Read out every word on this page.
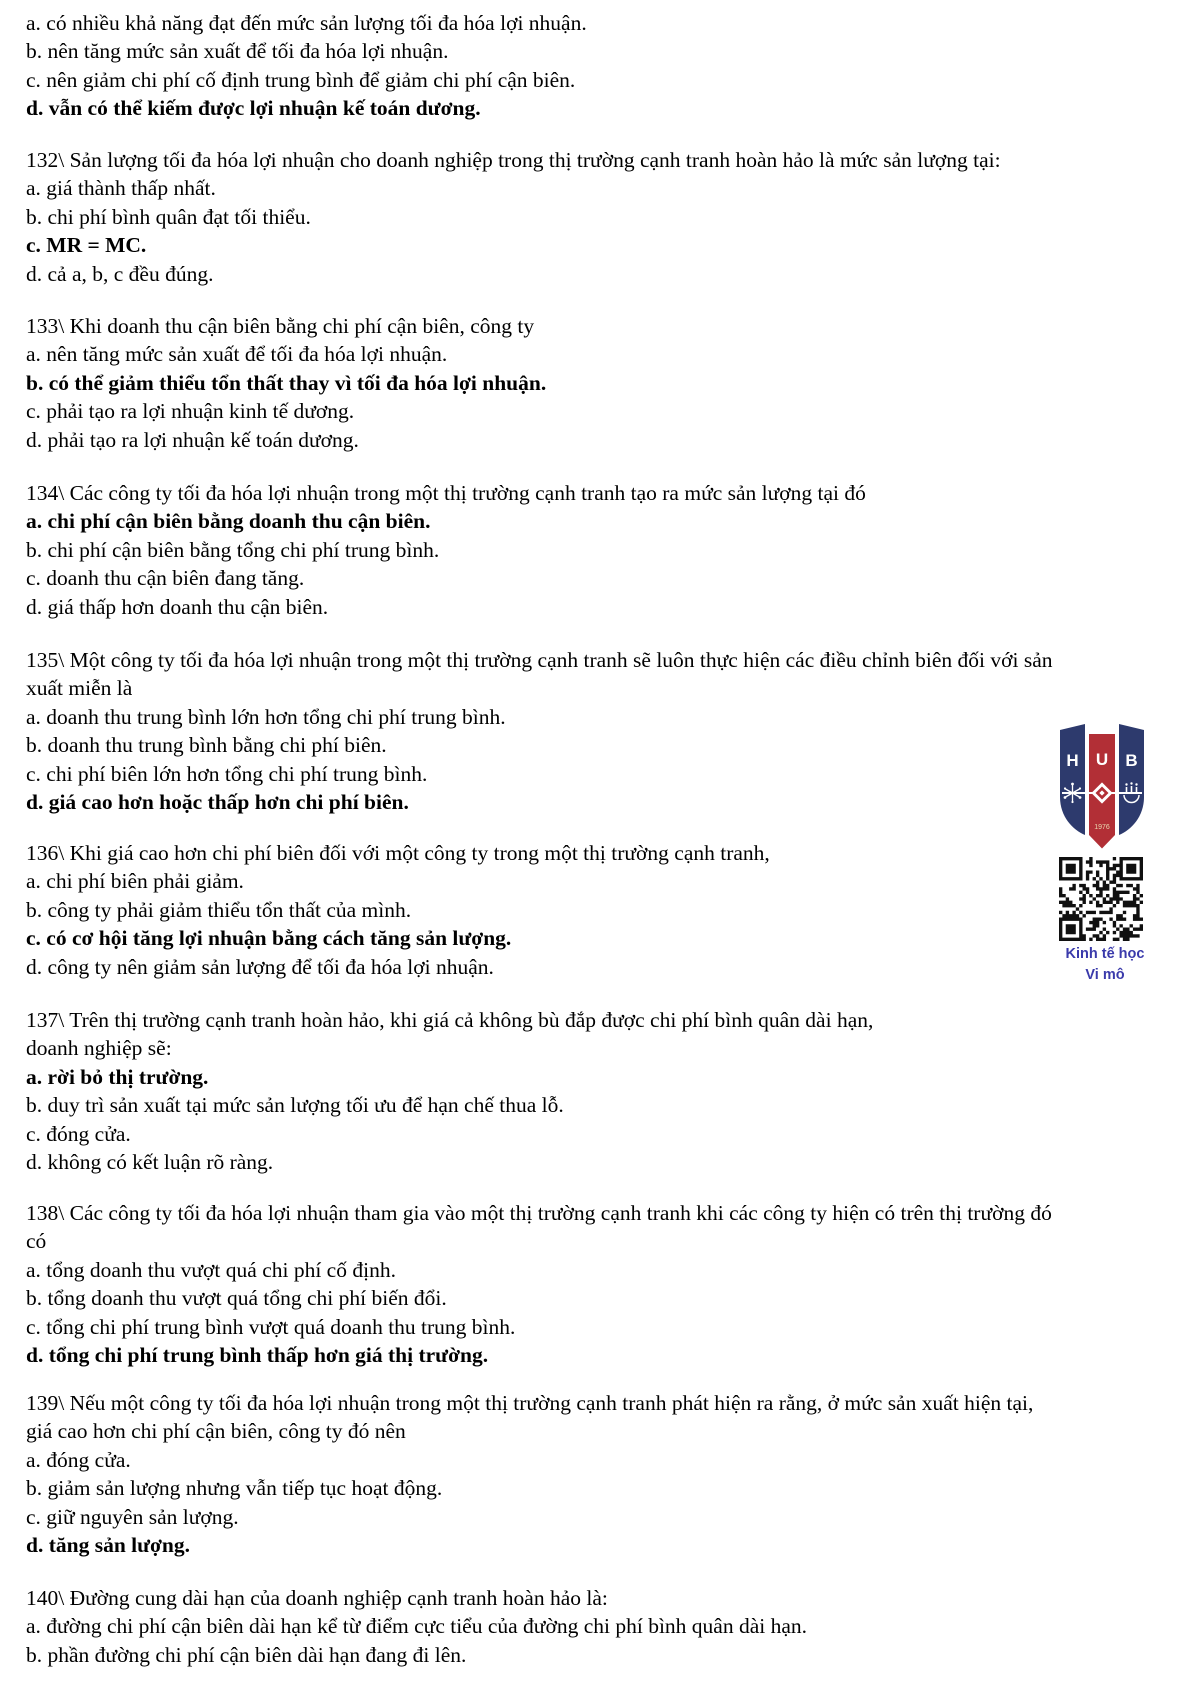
a. có nhiều khả năng đạt đến mức sản lượng tối đa hóa lợi nhuận.
b. nên tăng mức sản xuất để tối đa hóa lợi nhuận.
c. nên giảm chi phí cố định trung bình để giảm chi phí cận biên.
d. vẫn có thể kiếm được lợi nhuận kế toán dương.
132\ Sản lượng tối đa hóa lợi nhuận cho doanh nghiệp trong thị trường cạnh tranh hoàn hảo là mức sản lượng tại:
a. giá thành thấp nhất.
b. chi phí bình quân đạt tối thiểu.
c. MR = MC.
d. cả a, b, c đều đúng.
133\ Khi doanh thu cận biên bằng chi phí cận biên, công ty
a. nên tăng mức sản xuất để tối đa hóa lợi nhuận.
b. có thể giảm thiểu tổn thất thay vì tối đa hóa lợi nhuận.
c. phải tạo ra lợi nhuận kinh tế dương.
d. phải tạo ra lợi nhuận kế toán dương.
134\ Các công ty tối đa hóa lợi nhuận trong một thị trường cạnh tranh tạo ra mức sản lượng tại đó
a. chi phí cận biên bằng doanh thu cận biên.
b. chi phí cận biên bằng tổng chi phí trung bình.
c. doanh thu cận biên đang tăng.
d. giá thấp hơn doanh thu cận biên.
135\ Một công ty tối đa hóa lợi nhuận trong một thị trường cạnh tranh sẽ luôn thực hiện các điều chỉnh biên đối với sản
xuất miễn là
a. doanh thu trung bình lớn hơn tổng chi phí trung bình.
b. doanh thu trung bình bằng chi phí biên.
c. chi phí biên lớn hơn tổng chi phí trung bình.
d. giá cao hơn hoặc thấp hơn chi phí biên.
136\ Khi giá cao hơn chi phí biên đối với một công ty trong một thị trường cạnh tranh,
a. chi phí biên phải giảm.
b. công ty phải giảm thiểu tổn thất của mình.
c. có cơ hội tăng lợi nhuận bằng cách tăng sản lượng.
d. công ty nên giảm sản lượng để tối đa hóa lợi nhuận.
137\ Trên thị trường cạnh tranh hoàn hảo, khi giá cả không bù đắp được chi phí bình quân dài hạn,
doanh nghiệp sẽ:
a. rời bỏ thị trường.
b. duy trì sản xuất tại mức sản lượng tối ưu để hạn chế thua lỗ.
c. đóng cửa.
d. không có kết luận rõ ràng.
138\ Các công ty tối đa hóa lợi nhuận tham gia vào một thị trường cạnh tranh khi các công ty hiện có trên thị trường đó
có
a. tổng doanh thu vượt quá chi phí cố định.
b. tổng doanh thu vượt quá tổng chi phí biến đổi.
c. tổng chi phí trung bình vượt quá doanh thu trung bình.
d. tổng chi phí trung bình thấp hơn giá thị trường.
139\ Nếu một công ty tối đa hóa lợi nhuận trong một thị trường cạnh tranh phát hiện ra rằng, ở mức sản xuất hiện tại,
giá cao hơn chi phí cận biên, công ty đó nên
a. đóng cửa.
b. giảm sản lượng nhưng vẫn tiếp tục hoạt động.
c. giữ nguyên sản lượng.
d. tăng sản lượng.
140\ Đường cung dài hạn của doanh nghiệp cạnh tranh hoàn hảo là:
a. đường chi phí cận biên dài hạn kể từ điểm cực tiểu của đường chi phí bình quân dài hạn.
b. phần đường chi phí cận biên dài hạn đang đi lên.
H U B
1976
Kinh tế học
Vi mô
